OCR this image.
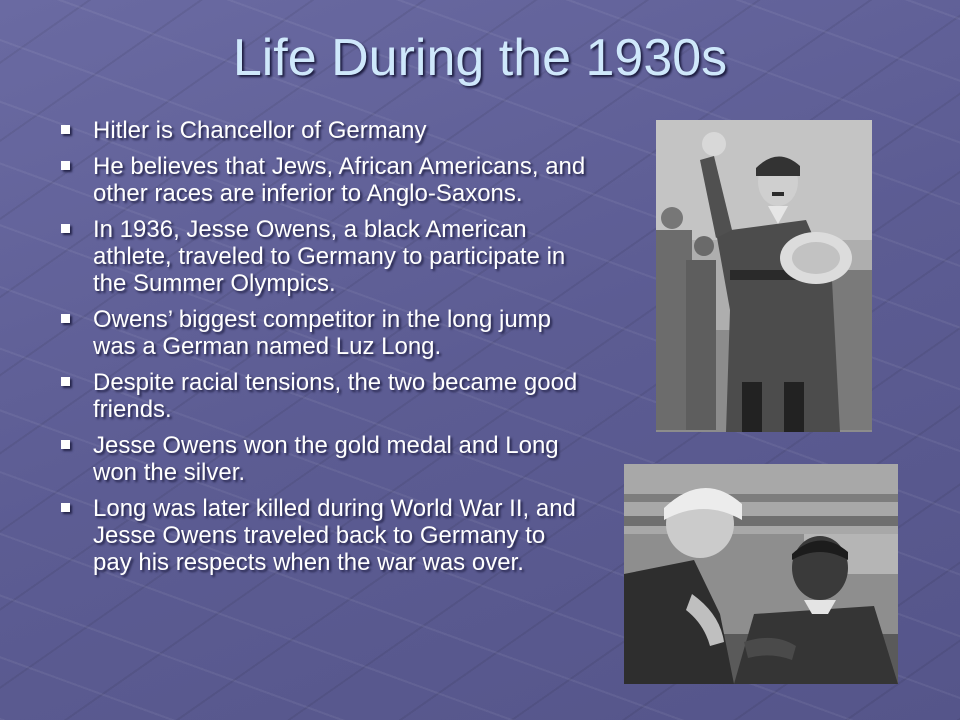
Life During the 1930s
Hitler is Chancellor of Germany
He believes that Jews, African Americans, and other races are inferior to Anglo-Saxons.
In 1936, Jesse Owens, a black American athlete, traveled to Germany to participate in the Summer Olympics.
Owens’ biggest competitor in the long jump was a German named Luz Long.
Despite racial tensions, the two became good friends.
Jesse Owens won the gold medal and Long won the silver.
Long was later killed during World War II, and Jesse Owens traveled back to Germany to pay his respects when the war was over.
